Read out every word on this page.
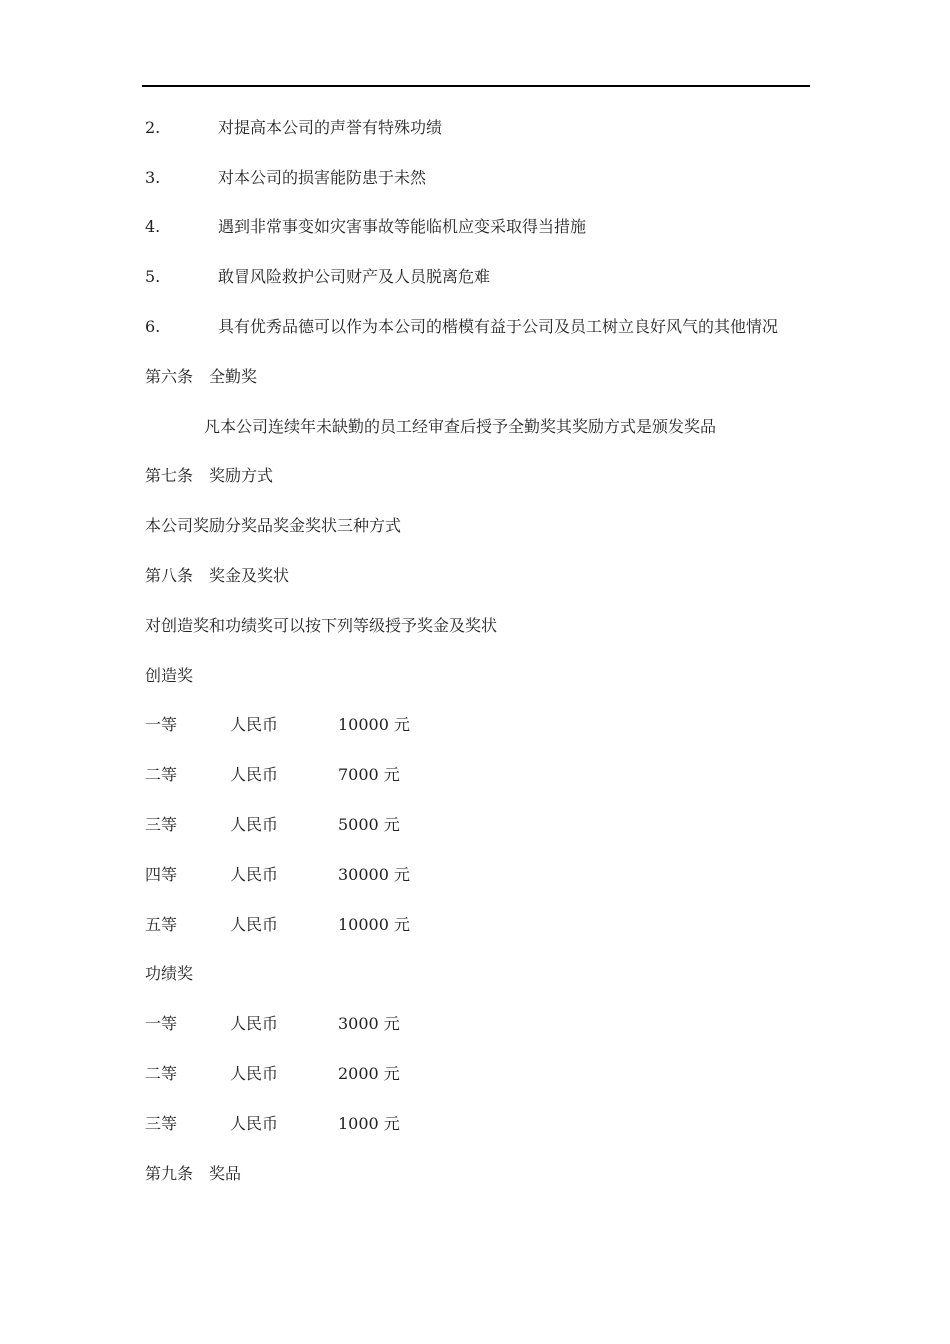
2.	对提高本公司的声誉有特殊功绩
3.	对本公司的损害能防患于未然
4.	遇到非常事变如灾害事故等能临机应变采取得当措施
5.	敢冒风险救护公司财产及人员脱离危难
6.	具有优秀品德可以作为本公司的楷模有益于公司及员工树立良好风气的其他情况
第六条　全勤奖
凡本公司连续年未缺勤的员工经审查后授予全勤奖其奖励方式是颁发奖品
第七条　奖励方式
本公司奖励分奖品奖金奖状三种方式
第八条　奖金及奖状
对创造奖和功绩奖可以按下列等级授予奖金及奖状
创造奖
一等	人民币	10000 元
二等	人民币	7000 元
三等	人民币	5000 元
四等	人民币	30000 元
五等	人民币	10000 元
功绩奖
一等	人民币	3000 元
二等	人民币	2000 元
三等	人民币	1000 元
第九条　奖品
